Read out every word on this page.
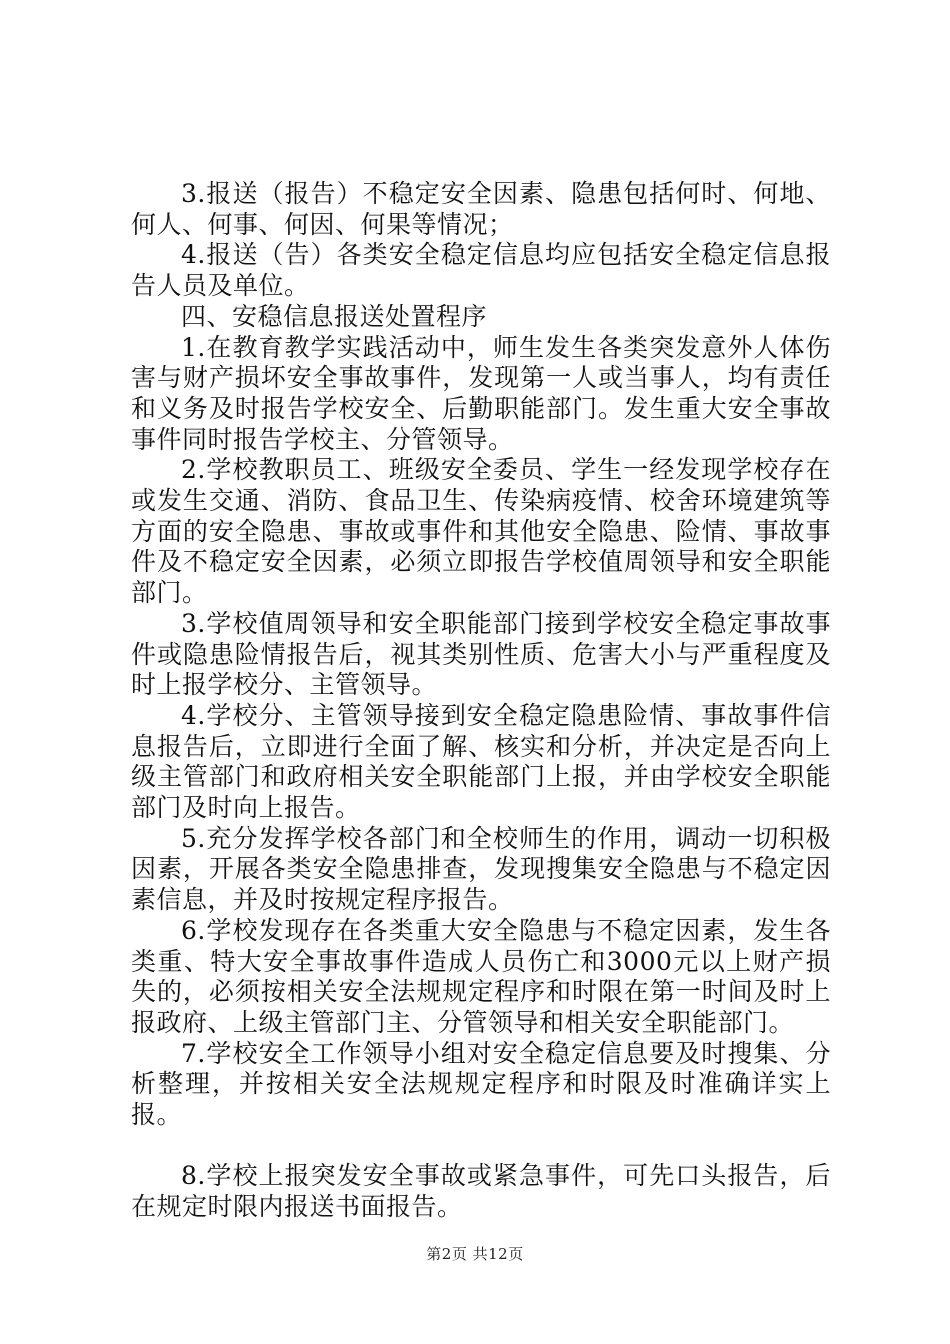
3.报送（报告）不稳定安全因素、隐患包括何时、何地、何人、何事、何因、何果等情况；

4.报送（告）各类安全稳定信息均应包括安全稳定信息报告人员及单位。

四、安稳信息报送处置程序

1.在教育教学实践活动中，师生发生各类突发意外人体伤害与财产损坏安全事故事件，发现第一人或当事人，均有责任和义务及时报告学校安全、后勤职能部门。发生重大安全事故事件同时报告学校主、分管领导。

2.学校教职员工、班级安全委员、学生一经发现学校存在或发生交通、消防、食品卫生、传染病疫情、校舍环境建筑等方面的安全隐患、事故或事件和其他安全隐患、险情、事故事件及不稳定安全因素，必须立即报告学校值周领导和安全职能部门。

3.学校值周领导和安全职能部门接到学校安全稳定事故事件或隐患险情报告后，视其类别性质、危害大小与严重程度及时上报学校分、主管领导。

4.学校分、主管领导接到安全稳定隐患险情、事故事件信息报告后，立即进行全面了解、核实和分析，并决定是否向上级主管部门和政府相关安全职能部门上报，并由学校安全职能部门及时向上报告。

5.充分发挥学校各部门和全校师生的作用，调动一切积极因素，开展各类安全隐患排查，发现搜集安全隐患与不稳定因素信息，并及时按规定程序报告。

6.学校发现存在各类重大安全隐患与不稳定因素，发生各类重、特大安全事故事件造成人员伤亡和3000元以上财产损失的，必须按相关安全法规规定程序和时限在第一时间及时上报政府、上级主管部门主、分管领导和相关安全职能部门。

7.学校安全工作领导小组对安全稳定信息要及时搜集、分析整理，并按相关安全法规规定程序和时限及时准确详实上报。

8.学校上报突发安全事故或紧急事件，可先口头报告，后在规定时限内报送书面报告。

第2页 共12页
